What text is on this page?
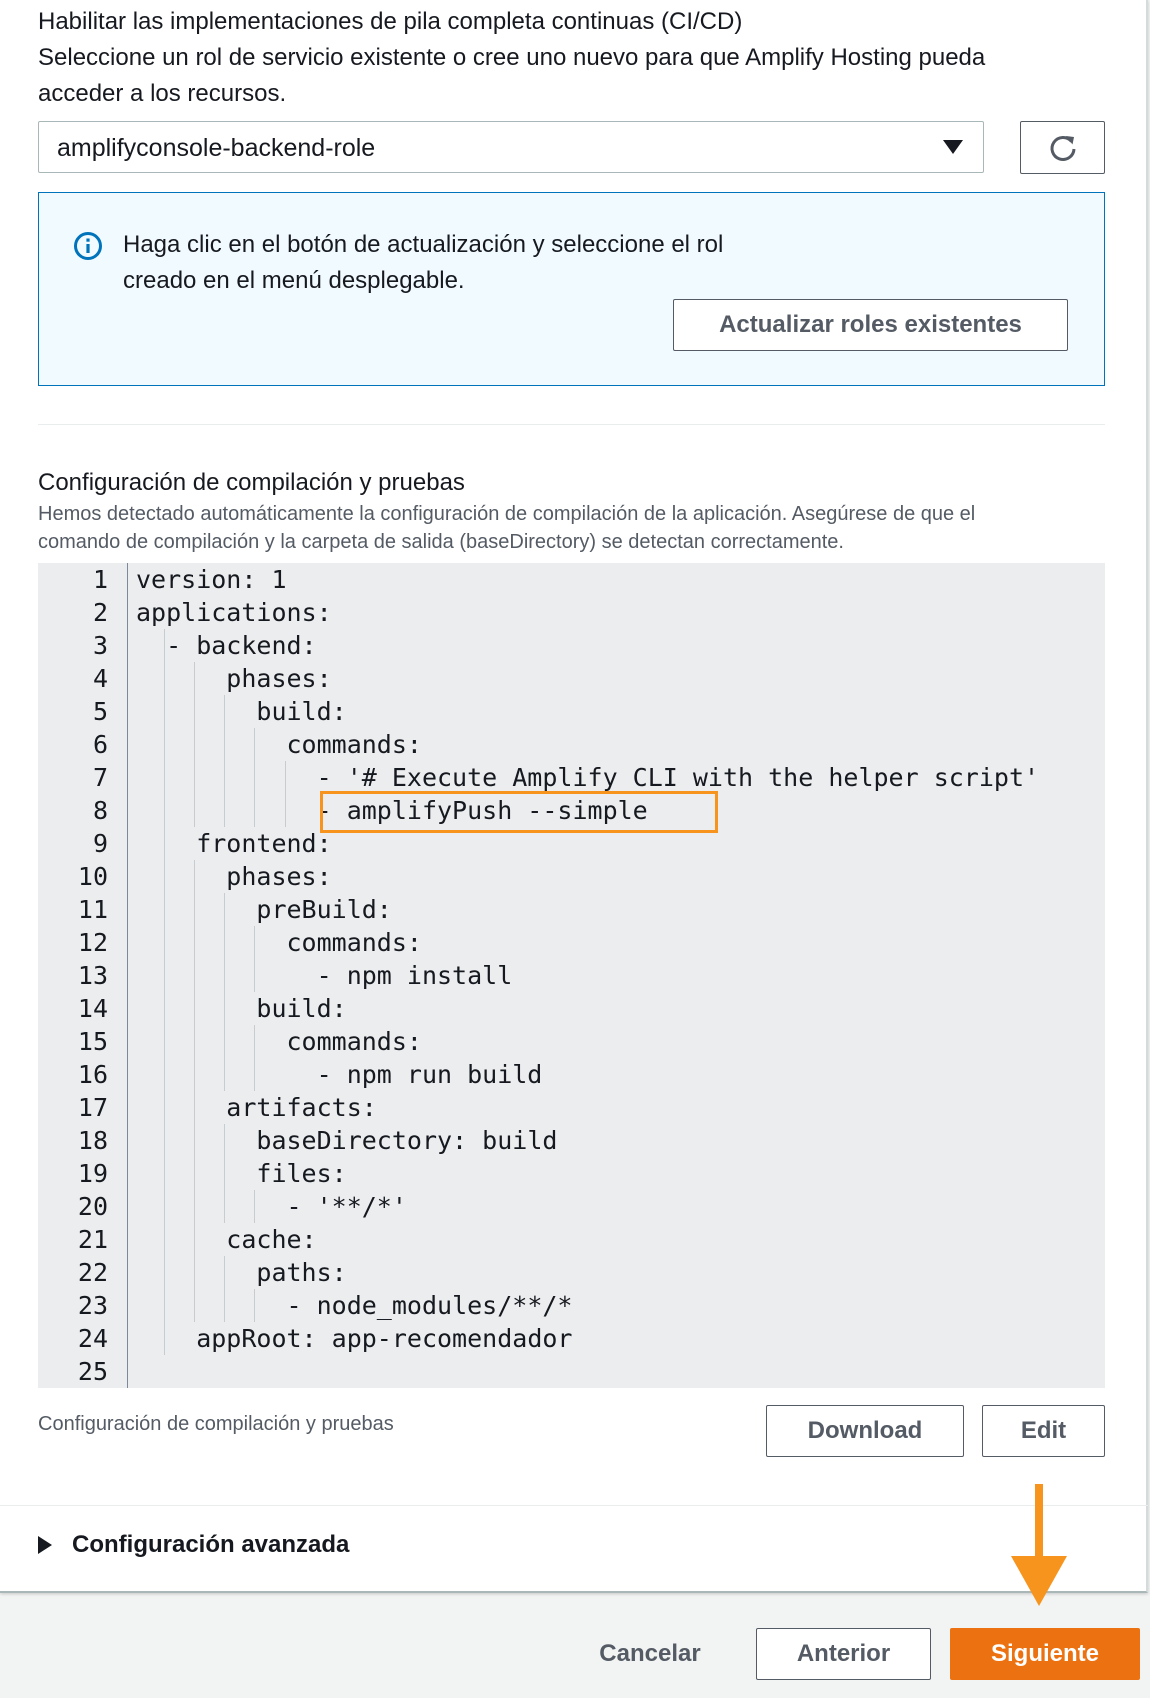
Habilitar las implementaciones de pila completa continuas (CI/CD)
Seleccione un rol de servicio existente o cree uno nuevo para que Amplify Hosting pueda
acceder a los recursos.
amplifyconsole-backend-role
Haga clic en el botón de actualización y seleccione el rol
creado en el menú desplegable.
Actualizar roles existentes
Configuración de compilación y pruebas
Hemos detectado automáticamente la configuración de compilación de la aplicación. Asegúrese de que el
comando de compilación y la carpeta de salida (baseDirectory) se detectan correctamente.
1 version: 1
2 applications:
3 - backend:
4	phases:
5	build:
6	commands:
7	- '# Execute Amplify CLI with the helper script'
8	- amplifyPush --simple
9	frontend:
10	phases:
11	preBuild:
12	commands:
13	- npm install
14	build:
15	commands:
16	- npm run build
17	artifacts:
18	baseDirectory: build
19	files:
20	- '**/*'
21	cache:
22	paths:
23	- node_modules/**/*
24	appRoot: app-recomendador
25
Configuración de compilación y pruebas	Download	Edit
Configuración avanzada
Cancelar	Anterior	Siguiente
